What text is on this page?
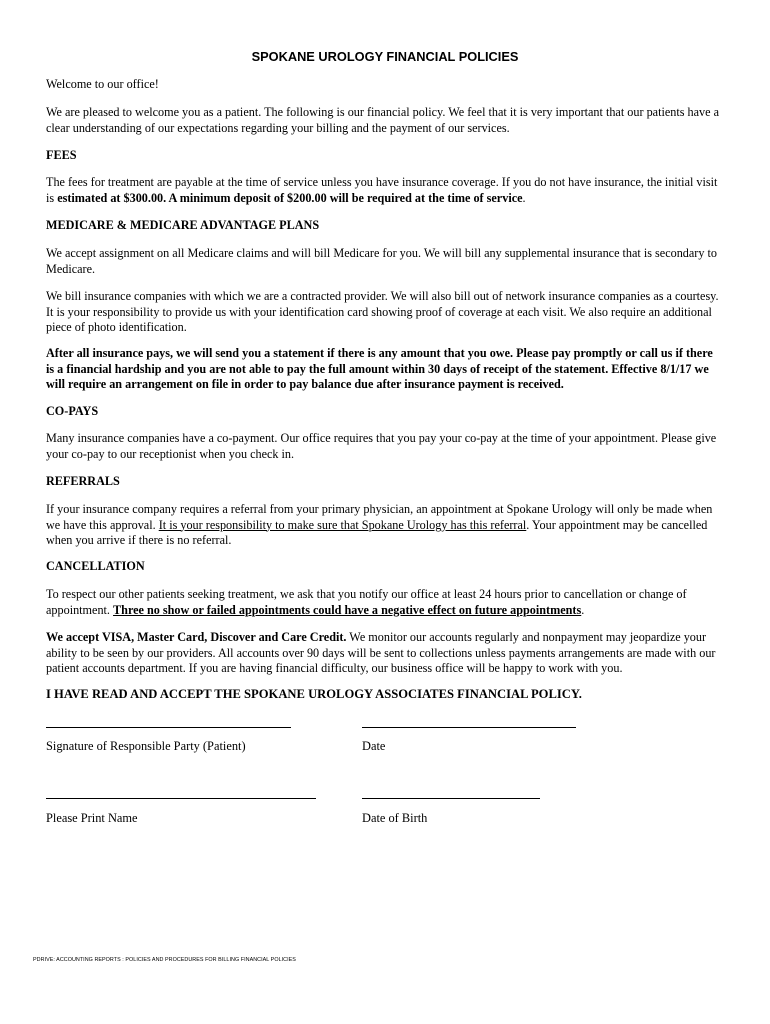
SPOKANE UROLOGY FINANCIAL POLICIES

Welcome to our office!

We are pleased to welcome you as a patient. The following is our financial policy. We feel that it is very important that our patients have a clear understanding of our expectations regarding your billing and the payment of our services.

FEES

The fees for treatment are payable at the time of service unless you have insurance coverage. If you do not have insurance, the initial visit is estimated at $300.00. A minimum deposit of $200.00 will be required at the time of service.

MEDICARE & MEDICARE ADVANTAGE PLANS

We accept assignment on all Medicare claims and will bill Medicare for you. We will bill any supplemental insurance that is secondary to Medicare.

We bill insurance companies with which we are a contracted provider. We will also bill out of network insurance companies as a courtesy. It is your responsibility to provide us with your identification card showing proof of coverage at each visit. We also require an additional piece of photo identification.

After all insurance pays, we will send you a statement if there is any amount that you owe. Please pay promptly or call us if there is a financial hardship and you are not able to pay the full amount within 30 days of receipt of the statement. Effective 8/1/17 we will require an arrangement on file in order to pay balance due after insurance payment is received.

CO-PAYS

Many insurance companies have a co-payment. Our office requires that you pay your co-pay at the time of your appointment. Please give your co-pay to our receptionist when you check in.

REFERRALS

If your insurance company requires a referral from your primary physician, an appointment at Spokane Urology will only be made when we have this approval. It is your responsibility to make sure that Spokane Urology has this referral. Your appointment may be cancelled when you arrive if there is no referral.

CANCELLATION

To respect our other patients seeking treatment, we ask that you notify our office at least 24 hours prior to cancellation or change of appointment. Three no show or failed appointments could have a negative effect on future appointments.

We accept VISA, Master Card, Discover and Care Credit. We monitor our accounts regularly and nonpayment may jeopardize your ability to be seen by our providers. All accounts over 90 days will be sent to collections unless payments arrangements are made with our patient accounts department. If you are having financial difficulty, our business office will be happy to work with you.

I HAVE READ AND ACCEPT THE SPOKANE UROLOGY ASSOCIATES FINANCIAL POLICY.

Signature of Responsible Party (Patient)	Date
Please Print Name	Date of Birth
PDRIVE: ACCOUNTING REPORTS : POLICIES AND PROCEDURES FOR BILLING FINANCIAL POLICIES
